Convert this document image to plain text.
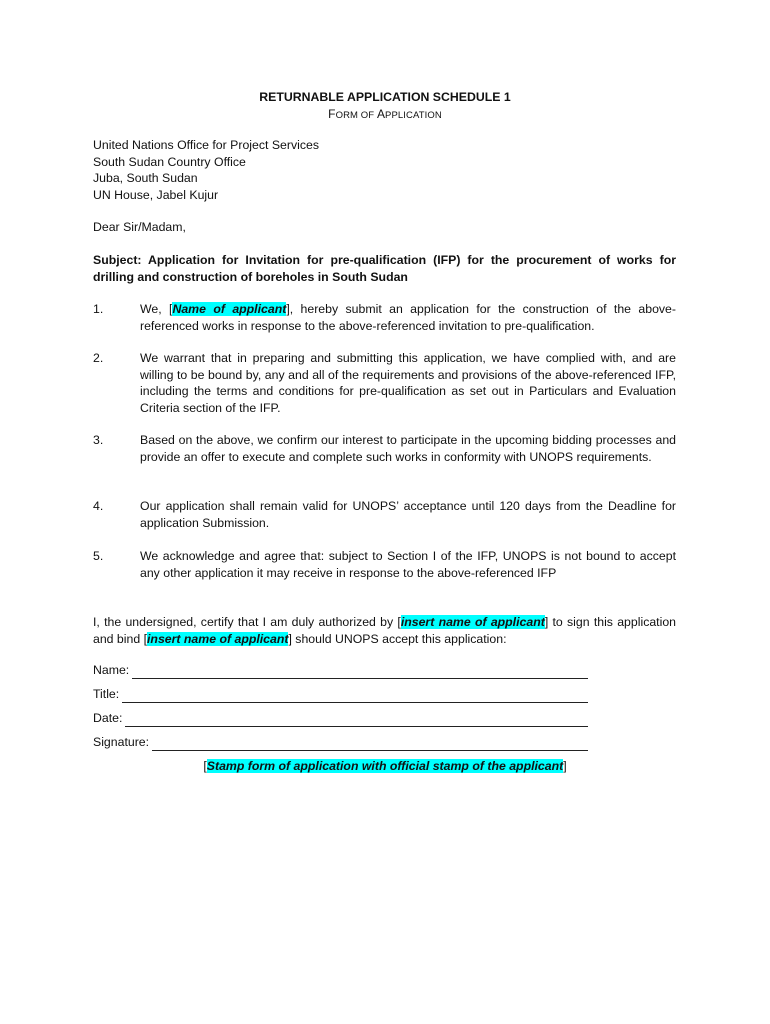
RETURNABLE APPLICATION SCHEDULE 1
FORM OF APPLICATION
United Nations Office for Project Services
South Sudan Country Office
Juba, South Sudan
UN House, Jabel Kujur
Dear Sir/Madam,
Subject: Application for Invitation for pre-qualification (IFP) for the procurement of works for drilling and construction of boreholes in South Sudan
1.	We, [Name of applicant], hereby submit an application for the construction of the above-referenced works in response to the above-referenced invitation to pre-qualification.
2.	We warrant that in preparing and submitting this application, we have complied with, and are willing to be bound by, any and all of the requirements and provisions of the above-referenced IFP, including the terms and conditions for pre-qualification as set out in Particulars and Evaluation Criteria section of the IFP.
3.	Based on the above, we confirm our interest to participate in the upcoming bidding processes and provide an offer to execute and complete such works in conformity with UNOPS requirements.
4.	Our application shall remain valid for UNOPS’ acceptance until 120 days from the Deadline for application Submission.
5.	We acknowledge and agree that: subject to Section I of the IFP, UNOPS is not bound to accept any other application it may receive in response to the above-referenced IFP
I, the undersigned, certify that I am duly authorized by [insert name of applicant] to sign this application and bind [insert name of applicant] should UNOPS accept this application:
Name:
Title:
Date:
Signature:
[Stamp form of application with official stamp of the applicant]
